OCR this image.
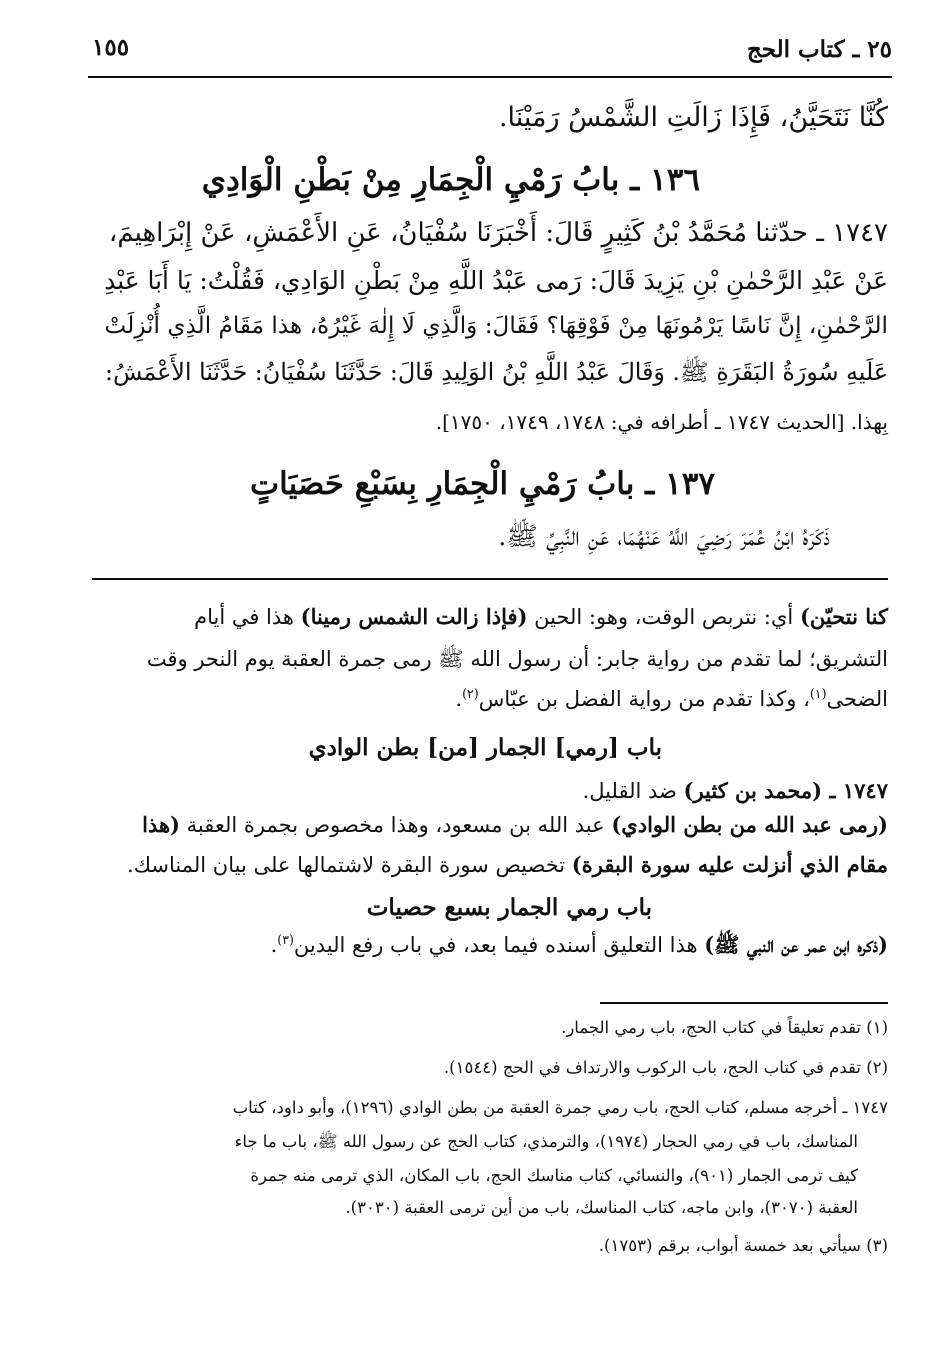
٢٥ ـ كتاب الحج
١٥٥
كُنَّا نَتَحَيَّنُ، فَإِذَا زَالَتِ الشَّمْسُ رَمَيْنَا.
١٣٦ ـ بابُ رَمْيِ الْجِمَارِ مِنْ بَطْنِ الْوَادِي
١٧٤٧ ـ حدّثنا مُحَمَّدُ بْنُ كَثِيرٍ قَالَ: أَخْبَرَنَا سُفْيَانُ، عَنِ الأَعْمَشِ، عَنْ إِبْرَاهِيمَ،
عَنْ عَبْدِ الرَّحْمٰنِ بْنِ يَزِيدَ قَالَ: رَمى عَبْدُ اللَّهِ مِنْ بَطْنِ الوَادِي، فَقُلْتُ: يَا أَبَا عَبْدِ
الرَّحْمٰنِ، إِنَّ نَاسًا يَرْمُونَهَا مِنْ فَوْقِهَا؟ فَقَالَ: وَالَّذِي لَا إِلٰهَ غَيْرُهُ، هذا مَقَامُ الَّذِي أُنْزِلَتْ
عَلَيهِ سُورَةُ البَقَرَةِ ﷺ. وَقَالَ عَبْدُ اللَّهِ بْنُ الوَلِيدِ قَالَ: حَدَّثَنَا سُفْيَانُ: حَدَّثَنَا الأَعْمَشُ:
بِهذا. [الحديث ١٧٤٧ ـ أطرافه في: ١٧٤٨، ١٧٤٩، ١٧٥٠].
١٣٧ ـ بابُ رَمْيِ الْجِمَارِ بِسَبْعِ حَصَيَاتٍ
ذَكَرَهُ ابْنُ عُمَرَ رَضِيَ اللَّهُ عَنْهُمَا، عَنِ النَّبِيِّ ﷺ.
كنا نتحيّن) أي: نتربص الوقت، وهو: الحين (فإذا زالت الشمس رمينا) هذا في أيام
التشريق؛ لما تقدم من رواية جابر: أن رسول الله ﷺ رمى جمرة العقبة يوم النحر وقت
الضحى$^{(١)}$، وكذا تقدم من رواية الفضل بن عبّاس$^{(٢)}$.
باب [رمي] الجمار [من] بطن الوادي
١٧٤٧ ـ (محمد بن كثير) ضد القليل.
(رمى عبد الله من بطن الوادي) عبد الله بن مسعود، وهذا مخصوص بجمرة العقبة (هذا
مقام الذي أنزلت عليه سورة البقرة) تخصيص سورة البقرة لاشتمالها على بيان المناسك.
باب رمي الجمار بسبع حصيات
(ذكره ابن عمر عن النبي ﷺ) هذا التعليق أسنده فيما بعد، في باب رفع اليدين$^{(٣)}$.
(١) تقدم تعليقاً في كتاب الحج، باب رمي الجمار.
(٢) تقدم في كتاب الحج، باب الركوب والارتداف في الحج (١٥٤٤).
١٧٤٧ ـ أخرجه مسلم، كتاب الحج، باب رمي جمرة العقبة من بطن الوادي (١٢٩٦)، وأبو داود، كتاب
المناسك، باب في رمي الحجار (١٩٧٤)، والترمذي، كتاب الحج عن رسول الله ﷺ، باب ما جاء
كيف ترمى الجمار (٩٠١)، والنسائي، كتاب مناسك الحج، باب المكان، الذي ترمى منه جمرة
العقبة (٣٠٧٠)، وابن ماجه، كتاب المناسك، باب من أين ترمى العقبة (٣٠٣٠).
(٣) سيأتي بعد خمسة أبواب، برقم (١٧٥٣).
